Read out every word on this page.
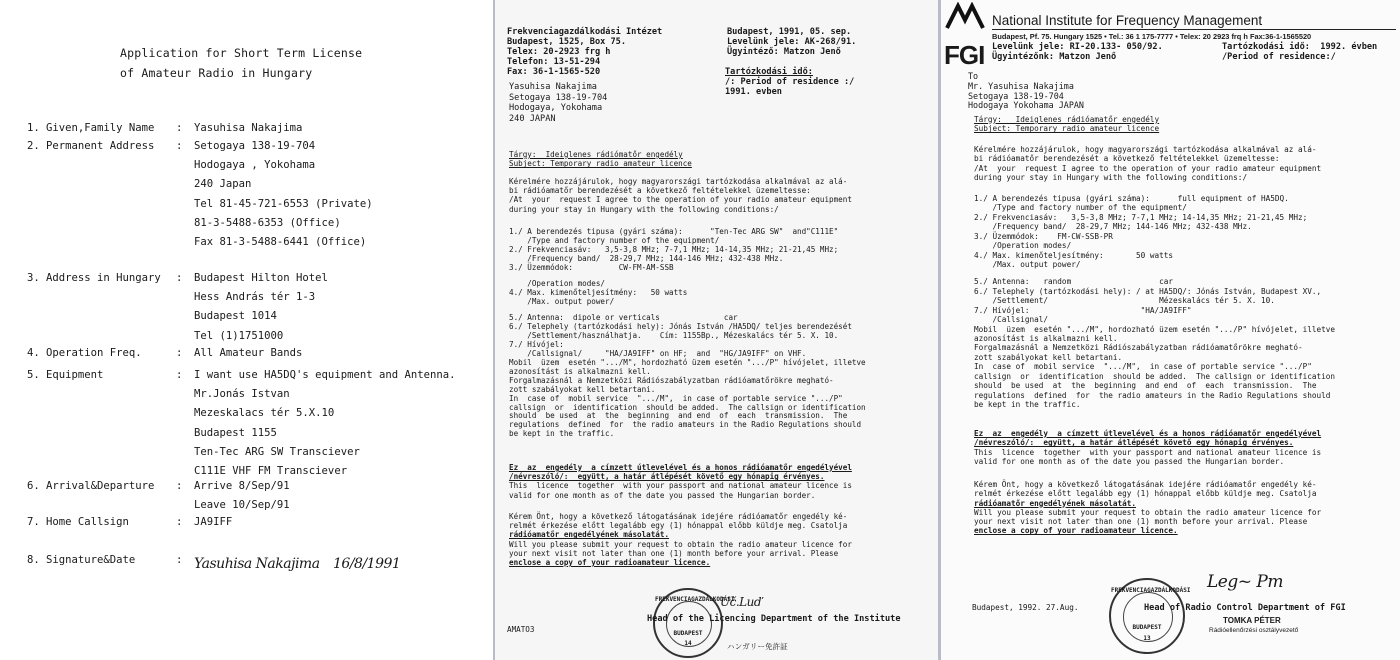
Application for Short Term License
of Amateur Radio in Hungary
1. Given,Family Name : Yasuhisa Nakajima
2. Permanent Address : Setogaya 138-19-704
Hodogaya , Yokohama
240 Japan
Tel 81-45-721-6553 (Private)
81-3-5488-6353 (Office)
Fax 81-3-5488-6441 (Office)
3. Address in Hungary : Budapest Hilton Hotel
Hess András tér 1-3
Budapest 1014
Tel (1)1751000
4. Operation Freq.	: All Amateur Bands
5. Equipment	: I want use HA5DQ's equipment and Antenna.
Mr.Jonás Istvan
Mezeskalacs tér 5.X.10
Budapest 1155
Ten-Tec ARG SW Transciever
C111E VHF FM Transciever
6. Arrival&Departure : Arrive 8/Sep/91
Leave 10/Sep/91
7. Home Callsign	: JA9IFF
8. Signature&Date	: Yasuhisa Nakajima 16/8/1991
Frekvenciagazdálkodási Intézet
Budapest, 1525, Box 75.
Telex: 20-2923 frg h
Telefon: 13-51-294
Fax: 36-1-1565-520
Budapest, 1991, 05. sep.
Levelünk jele: AK-268/91.
Ügyintéző: Matzon Jenő
Tartózkodási idő:
/: Period of residence :/
1991. evben
Yasuhisa Nakajima
Setogaya 138-19-704
Hodogaya, Yokohama
240 JAPAN
Tárgy:  Ideiglenes rádiómatőr engedély
Subject: Temporary radio amateur licence
Kérelmére hozzájárulok, hogy magyarországi tartózkodása alkalmával az alá-
bi rádióamatőr berendezését a következő feltételekkel üzemeltesse:
/At  your  request I agree to the operation of your radio amateur equipment
during your stay in Hungary with the following conditions:/
1./ A berendezés tipusa (gyári száma):      "Ten-Tec ARG SW"  and"C111E"
/Type and factory number of the equipment/
2./ Frekvenciasáv:   3,5-3,8 MHz; 7-7,1 MHz; 14-14,35 MHz; 21-21,45 MHz;
/Frequency band/  28-29,7 MHz; 144-146 MHz; 432-438 MHz.
3./ Üzemmódok:          CW-FM-AM-SSB
/Operation modes/
4./ Max. kimenőteljesítmény:   50 watts
/Max. output power/
5./ Antenna:  dipole or verticals              car
6./ Telephely (tartózkodási hely): Jónás István /HA5DQ/ teljes berendezését
/Settlement/használhatja.    Cím: 1155Bp., Mézeskalács tér 5. X. 10.
7./ Hívójel:
/Callsignal/     "HA/JA9IFF" on HF;  and  "HG/JA9IFF" on VHF.
Mobil  üzem  esetén ".../M", hordozható üzem esetén ".../P" hívójelet, illetve
azonosítást is alkalmazni kell.
Forgalmazásnál a Nemzetközi Rádiószabályzatban rádióamatőrökre megható-
zott szabályokat kell betartani.
In  case of  mobil service  ".../M",  in case of portable service ".../P"
callsign  or  identification  should be added.  The callsign or identification
should  be used  at  the  beginning  and end  of  each  transmission.  The
regulations  defined  for  the radio amateurs in the Radio Regulations should
be kept in the traffic.
Ez  az  engedély  a címzett útlevelével és a honos rádióamatőr engedélyével
/névreszóló/:  együtt, a határ átlépését követő egy hónapig érvényes.
This  licence  together  with your passport and national amateur licence is
valid for one month as of the date you passed the Hungarian border.
Kérem Önt, hogy a következő látogatásának idejére rádióamatőr engedély ké-
relmét érkezése előtt legalább egy (1) hónappal előbb küldje meg. Csatolja
rádióamatőr engedélyének másolatát.
Will you please submit your request to obtain the radio amateur licence for
your next visit not later than one (1) month before your arrival. Please
enclose a copy of your radioamateur licence.
FREKVENCIAGAZDÁLKODÁSI
BUDAPEST
14
Uč.Luď
AMATO3
Head of the Licencing Department of the Institute
ハンガリー免許証
FGI
National Institute for Frequency Management
Budapest, Pf. 75. Hungary 1525 • Tel.: 36 1 175-7777 • Telex: 20 2923 frq h Fax:36-1-1565520
Levelünk jele: RI-20.133- 050/92.
Ügyintézőnk: Matzon Jenő
Tartózkodási idő:  1992. évben
/Period of residence:/
To
Mr. Yasuhisa Nakajima
Setogaya 138-19-704
Hodogaya Yokohama JAPAN
Tárgy:   Ideiglenes rádióamatőr engedély
Subject: Temporary radio amateur licence
Kérelmére hozzájárulok, hogy magyarországi tartózkodása alkalmával az alá-
bi rádióamatőr berendezését a következő feltételekkel üzemeltesse:
/At  your  request I agree to the operation of your radio amateur equipment
during your stay in Hungary with the following conditions:/
1./ A berendezés tipusa (gyári száma):      full equipment of HA5DQ.
/Type and factory number of the equipment/
2./ Frekvenciasáv:   3,5-3,8 MHz; 7-7,1 MHz; 14-14,35 MHz; 21-21,45 MHz;
/Frequency band/  28-29,7 MHz; 144-146 MHz; 432-438 MHz.
3./ Üzemmódok:    FM-CW-SSB-PR
/Operation modes/
4./ Max. kimenőteljesítmény:       50 watts
/Max. output power/
5./ Antenna:   random                   car
6./ Telephely (tartózkodási hely): / at HA5DQ/: Jónás István, Budapest XV.,
/Settlement/                        Mézeskalács tér 5. X. 10.
7./ Hívójel:                        "HA/JA9IFF"
/Callsignal/
Mobil  üzem  esetén ".../M", hordozható üzem esetén ".../P" hívójelet, illetve
azonosítást is alkalmazni kell.
Forgalmazásnál a Nemzetközi Rádiószabályzatban rádióamatőrökre megható-
zott szabályokat kell betartani.
In  case of  mobil service  ".../M",  in case of portable service ".../P"
callsign  or  identification  should be added.  The callsign or identification
should  be used  at  the  beginning  and end  of  each  transmission.  The
regulations  defined  for  the radio amateurs in the Radio Regulations should
be kept in the traffic.
Ez  az  engedély  a címzett útlevelével és a honos rádióamatőr engedélyével
/névreszóló/:  együtt, a határ átlépését követő egy hónapig érvényes.
This  licence  together  with your passport and national amateur licence is
valid for one month as of the date you passed the Hungarian border.
Kérem Önt, hogy a következő látogatásának idejére rádióamatőr engedély ké-
relmét érkezése előtt legalább egy (1) hónappal előbb küldje meg. Csatolja
rádióamatőr engedélyének másolatát.
Will you please submit your request to obtain the radio amateur licence for
your next visit not later than one (1) month before your arrival. Please
enclose a copy of your radioamateur licence.
Budapest, 1992. 27.Aug.
FREKVENCIAGAZDÁLKODÁSI
BUDAPEST
13
Leg~ Pm
Head of Radio Control Department of FGI
TOMKA PÉTER
Rádióellenőrzési osztályvezető
